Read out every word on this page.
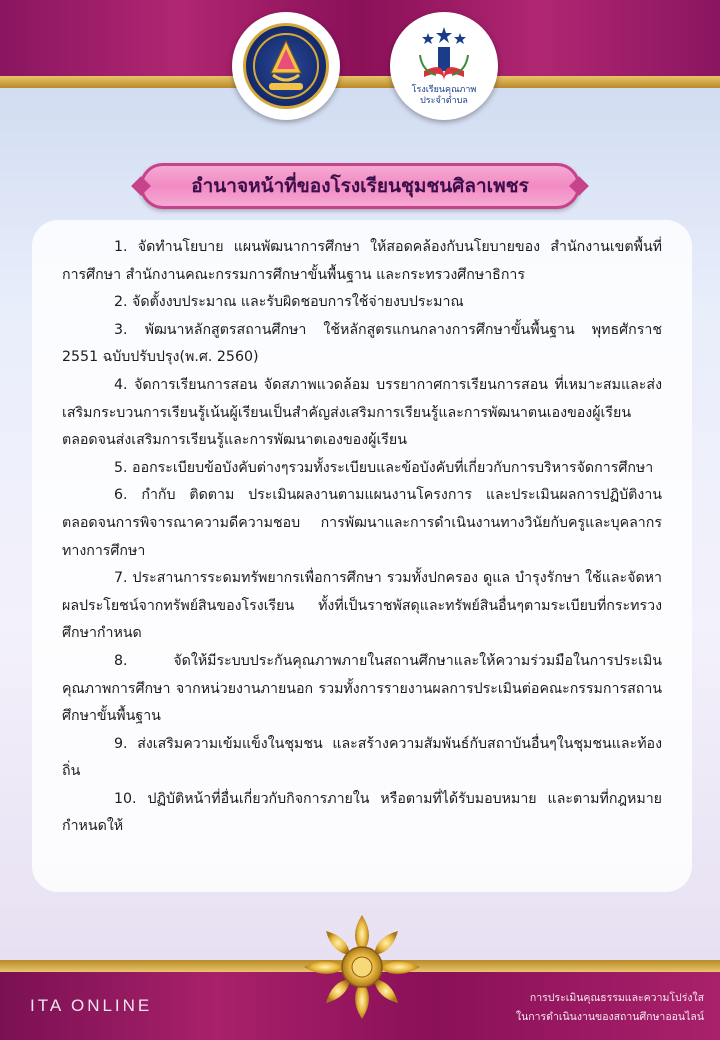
โรงเรียนคุณภาพ
ประจำตำบล
อำนาจหน้าที่ของโรงเรียนชุมชนศิลาเพชร

1. จัดทำนโยบาย แผนพัฒนาการศึกษา ให้สอดคล้องกับนโยบายของ สำนักงานเขตพื้นที่การศึกษา สำนักงานคณะกรรมการศึกษาขั้นพื้นฐาน และกระทรวงศึกษาธิการ

2. จัดตั้งงบประมาณ และรับผิดชอบการใช้จ่ายงบประมาณ

3. พัฒนาหลักสูตรสถานศึกษา ใช้หลักสูตรแกนกลางการศึกษาขั้นพื้นฐาน พุทธศักราช 2551 ฉบับปรับปรุง(พ.ศ. 2560)

4. จัดการเรียนการสอน จัดสภาพแวดล้อม บรรยากาศการเรียนการสอน ที่เหมาะสมและส่งเสริมกระบวนการเรียนรู้เน้นผู้เรียนเป็นสำคัญส่งเสริมการเรียนรู้และการพัฒนาตนเองของผู้เรียนตลอดจนส่งเสริมการเรียนรู้และการพัฒนาตเองของผู้เรียน

5. ออกระเบียบข้อบังคับต่างๆรวมทั้งระเบียบและข้อบังคับที่เกี่ยวกับการบริหารจัดการศึกษา

6. กำกับ ติดตาม ประเมินผลงานตามแผนงานโครงการ และประเมินผลการปฏิบัติงาน ตลอดจนการพิจารณาความดีความชอบ การพัฒนาและการดำเนินงานทางวินัยกับครูและบุคลากรทางการศึกษา

7. ประสานการระดมทรัพยากรเพื่อการศึกษา รวมทั้งปกครอง ดูแล บำรุงรักษา ใช้และจัดหาผลประโยชน์จากทรัพย์สินของโรงเรียน ทั้งที่เป็นราชพัสดุและทรัพย์สินอื่นๆตามระเบียบที่กระทรวงศึกษากำหนด

8. จัดให้มีระบบประกันคุณภาพภายในสถานศึกษาและให้ความร่วมมือในการประเมินคุณภาพการศึกษา จากหน่วยงานภายนอก รวมทั้งการรายงานผลการประเมินต่อคณะกรรมการสถานศึกษาขั้นพื้นฐาน

9. ส่งเสริมความเข้มแข็งในชุมชน และสร้างความสัมพันธ์กับสถาบันอื่นๆในชุมชนและท้องถิ่น

10. ปฏิบัติหน้าที่อื่นเกี่ยวกับกิจการภายใน หรือตามที่ได้รับมอบหมาย และตามที่กฎหมายกำหนดให้

ITA ONLINE	การประเมินคุณธรรมและความโปร่งใส
ในการดำเนินงานของสถานศึกษาออนไลน์
